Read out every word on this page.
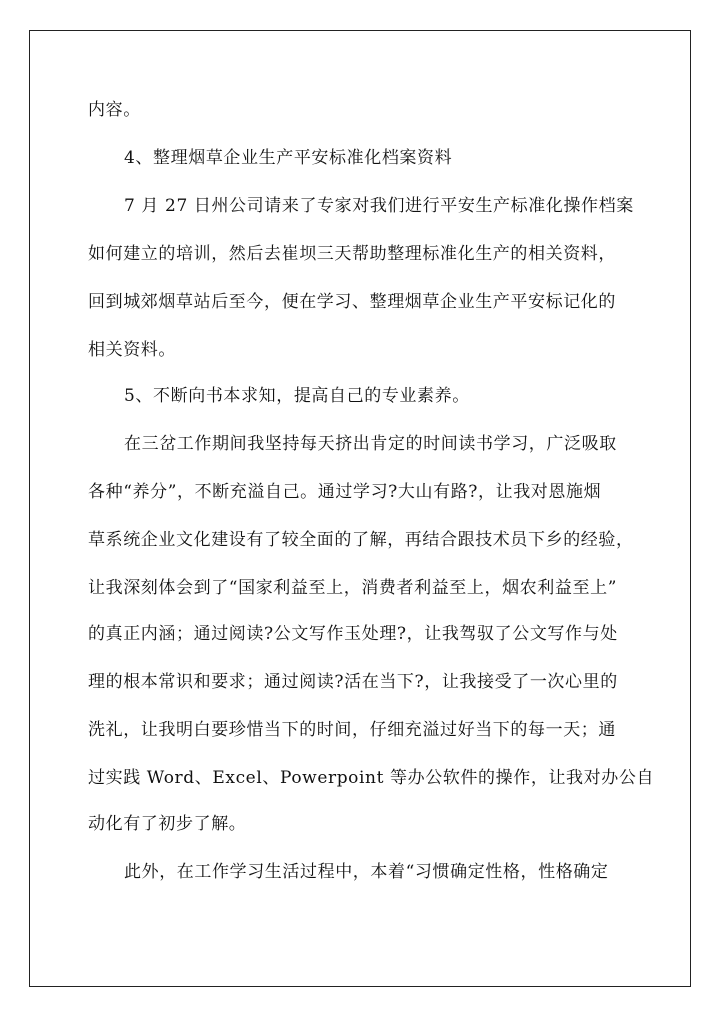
内容。
4、整理烟草企业生产平安标准化档案资料
7 月 27 日州公司请来了专家对我们进行平安生产标准化操作档案
如何建立的培训，然后去崔坝三天帮助整理标准化生产的相关资料，
回到城郊烟草站后至今，便在学习、整理烟草企业生产平安标记化的
相关资料。
5、不断向书本求知，提高自己的专业素养。
在三岔工作期间我坚持每天挤出肯定的时间读书学习，广泛吸取
各种“养分”，不断充溢自己。通过学习?大山有路?，让我对恩施烟
草系统企业文化建设有了较全面的了解，再结合跟技术员下乡的经验，
让我深刻体会到了“国家利益至上，消费者利益至上，烟农利益至上”
的真正内涵；通过阅读?公文写作玉处理?，让我驾驭了公文写作与处
理的根本常识和要求；通过阅读?活在当下?，让我接受了一次心里的
洗礼，让我明白要珍惜当下的时间，仔细充溢过好当下的每一天；通
过实践 Word、Excel、Powerpoint 等办公软件的操作，让我对办公自
动化有了初步了解。
此外，在工作学习生活过程中，本着“习惯确定性格，性格确定
